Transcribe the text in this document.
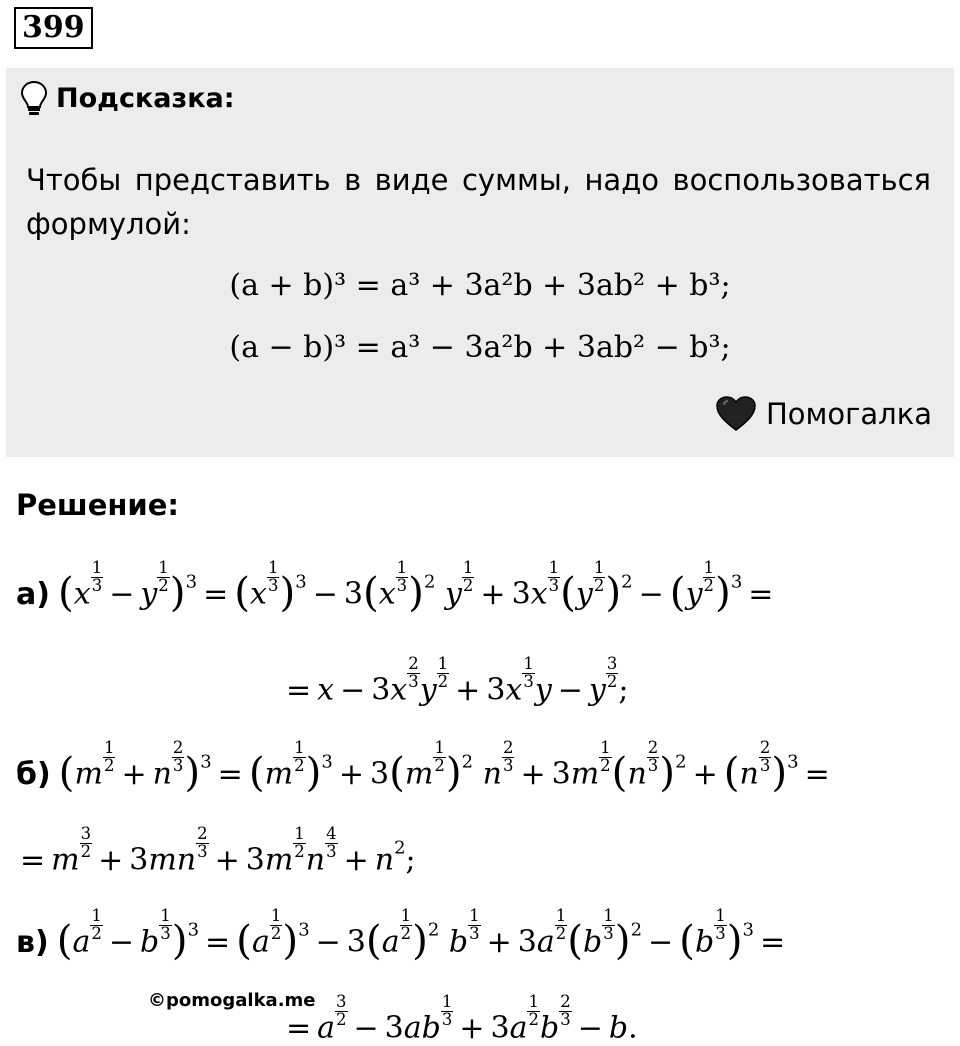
399
Подсказка:
Чтобы представить в виде суммы, надо воспользоваться формулой:
(a + b)³ = a³ + 3a²b + 3ab² + b³;
(a − b)³ = a³ − 3a²b + 3ab² − b³;
Помогалка
Решение:
а) $(x \frac{1}{3} - y \frac{1}{2} )^3 = (x \frac{1}{3} )^3 - 3(x \frac{1}{3} )^2$ y $\frac{1}{2} + 3x \frac{1}{3} (y \frac{1}{2} )^2 - (y \frac{1}{2} )^3$ =
= $x - 3x \frac{2}{3}$ y $\frac{1}{2} + 3x \frac{1}{3}$ y − y $\frac{3}{2}$ ;
б) $(m \frac{1}{2} + n \frac{2}{3} )^3 = (m \frac{1}{2} )^3 + 3(m \frac{1}{2} )^2$ n $\frac{2}{3} + 3m \frac{1}{2} (n \frac{2}{3} )^2 + (n \frac{2}{3} )^3$ =
= m $\frac{3}{2} + 3mn \frac{2}{3} + 3m \frac{1}{2}$ n $\frac{4}{3} + n^2$;
в) $(a \frac{1}{2} - b \frac{1}{3} )^3 = (a \frac{1}{2} )^3 - 3(a \frac{1}{2} )^2$ b $\frac{1}{3} + 3a \frac{1}{2} (b \frac{1}{3} )^2 - (b \frac{1}{3} )^3$ =
= a $\frac{3}{2} - 3ab \frac{1}{3} + 3a \frac{1}{2}$ b $\frac{2}{3} - b$.
©pomogalka.me
